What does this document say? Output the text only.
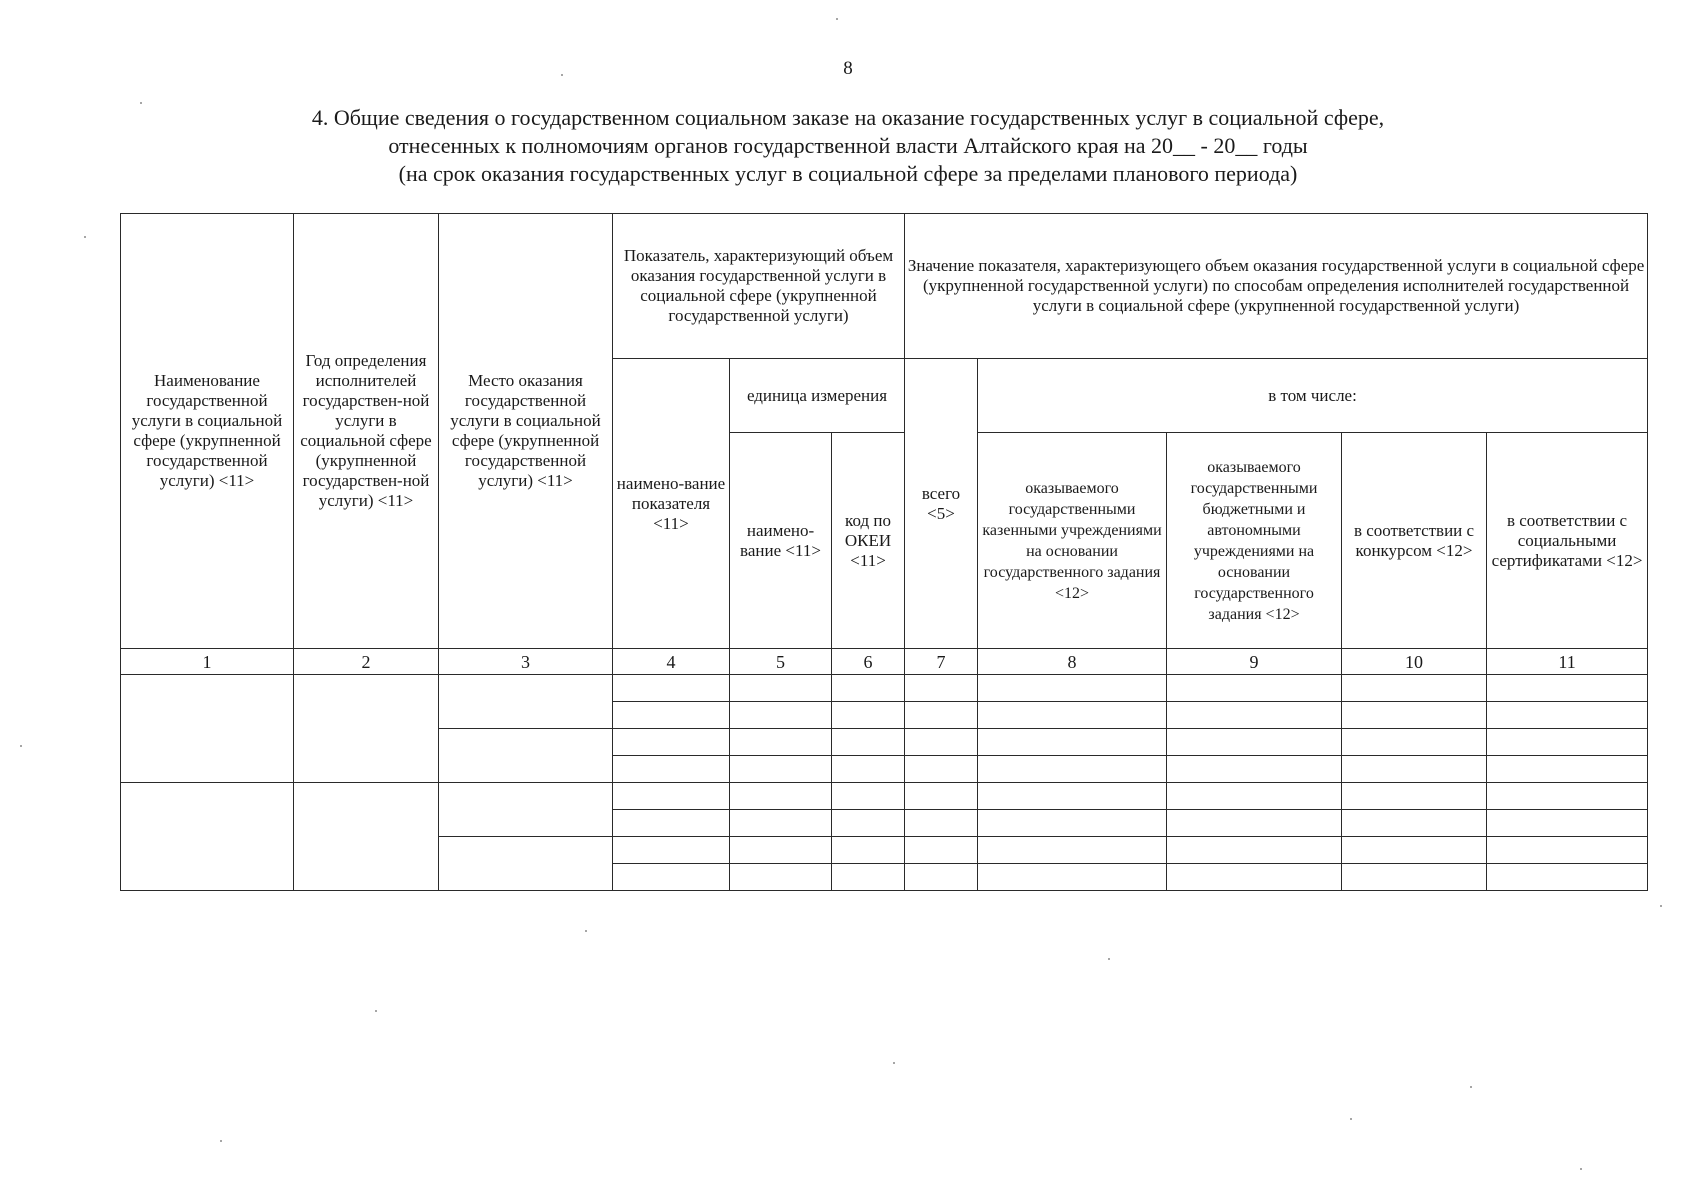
8
4. Общие сведения о государственном социальном заказе на оказание государственных услуг в социальной сфере,
отнесенных к полномочиям органов государственной власти Алтайского края на 20__ - 20__ годы
(на срок оказания государственных услуг в социальной сфере за пределами планового периода)
Наименование государственной услуги в социальной сфере (укрупненной государственной услуги) <11>	Год определения исполнителей государствен-ной услуги в социальной сфере (укрупненной государствен-ной услуги) <11>	Место оказания государственной услуги в социальной сфере (укрупненной государственной услуги) <11>	Показатель, характеризующий объем оказания государственной услуги в социальной сфере (укрупненной государственной услуги)			Значение показателя, характеризующего объем оказания государственной услуги в социальной сфере (укрупненной государственной услуги) по способам определения исполнителей государственной услуги в социальной сфере (укрупненной государственной услуги)				
			наимено-вание показателя <11>	единица измерения		всего <5>	в том числе:			
				наимено-вание <11>	код по ОКЕИ <11>		оказываемого государственными казенными учреждениями на основании государственного задания <12>	оказываемого государственными бюджетными и автономными учреждениями на основании государственного задания <12>	в соответствии с конкурсом <12>	в соответствии с социальными сертификатами <12>
1	2	3	4	5	6	7	8	9	10	11
